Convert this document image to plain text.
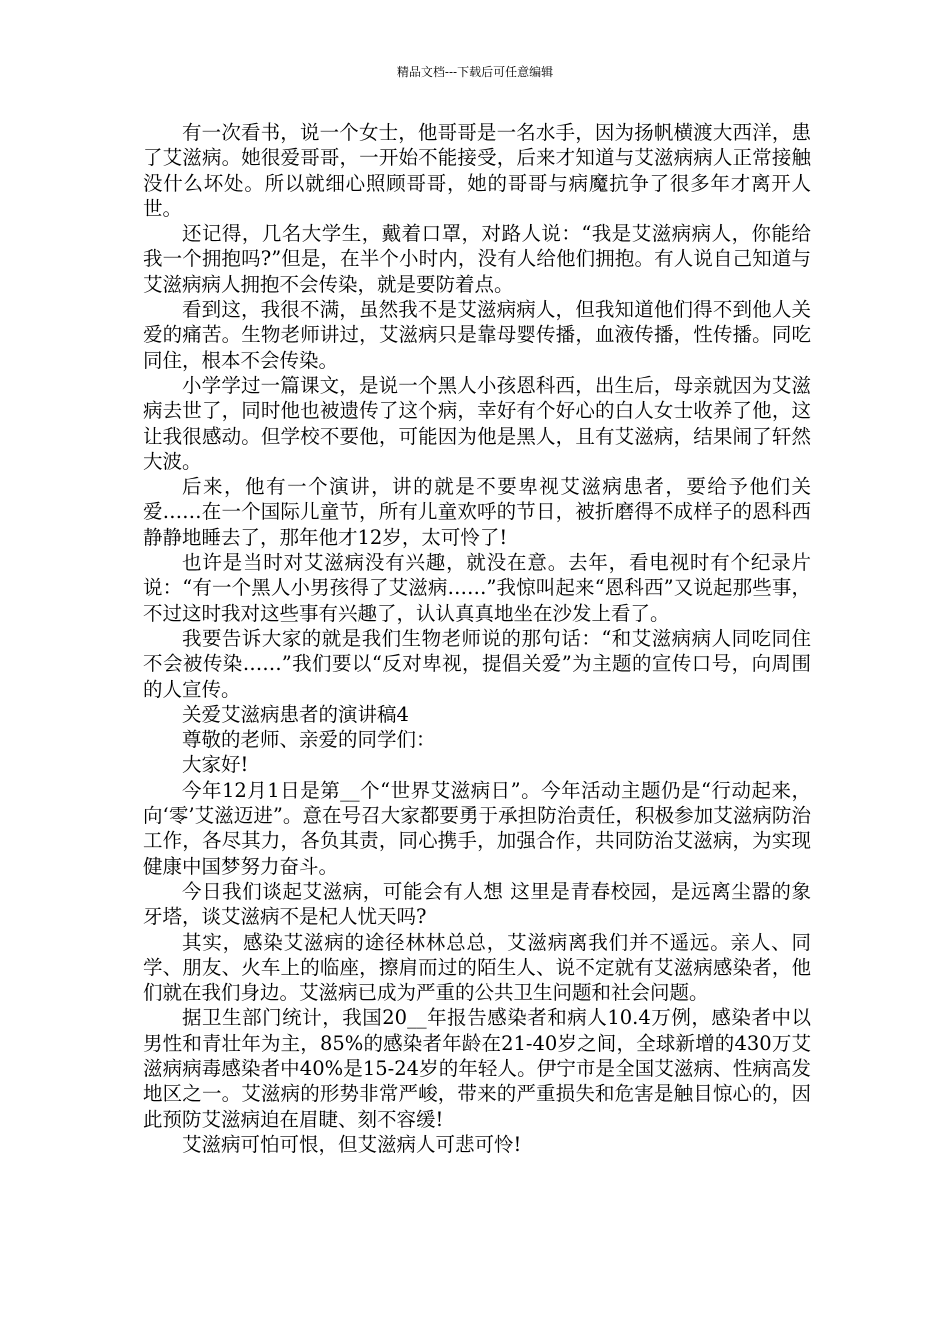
精品文档---下载后可任意编辑

有一次看书，说一个女士，他哥哥是一名水手，因为扬帆横渡大西洋，患了艾滋病。她很爱哥哥，一开始不能接受，后来才知道与艾滋病病人正常接触没什么坏处。所以就细心照顾哥哥，她的哥哥与病魔抗争了很多年才离开人世。

还记得，几名大学生，戴着口罩，对路人说：“我是艾滋病病人，你能给我一个拥抱吗?”但是，在半个小时内，没有人给他们拥抱。有人说自己知道与艾滋病病人拥抱不会传染，就是要防着点。

看到这，我很不满，虽然我不是艾滋病病人，但我知道他们得不到他人关爱的痛苦。生物老师讲过，艾滋病只是靠母婴传播，血液传播，性传播。同吃同住，根本不会传染。

小学学过一篇课文，是说一个黑人小孩恩科西，出生后，母亲就因为艾滋病去世了，同时他也被遗传了这个病，幸好有个好心的白人女士收养了他，这让我很感动。但学校不要他，可能因为他是黑人，且有艾滋病，结果闹了轩然大波。

后来，他有一个演讲，讲的就是不要卑视艾滋病患者，要给予他们关爱……在一个国际儿童节，所有儿童欢呼的节日，被折磨得不成样子的恩科西静静地睡去了，那年他才12岁，太可怜了!

也许是当时对艾滋病没有兴趣，就没在意。去年，看电视时有个纪录片说：“有一个黑人小男孩得了艾滋病……”我惊叫起来“恩科西”又说起那些事，不过这时我对这些事有兴趣了，认认真真地坐在沙发上看了。

我要告诉大家的就是我们生物老师说的那句话：“和艾滋病病人同吃同住不会被传染……”我们要以“反对卑视，提倡关爱”为主题的宣传口号，向周围的人宣传。

关爱艾滋病患者的演讲稿4

尊敬的老师、亲爱的同学们：

大家好!

今年12月1日是第__个“世界艾滋病日”。今年活动主题仍是“行动起来，向‘零’艾滋迈进”。意在号召大家都要勇于承担防治责任，积极参加艾滋病防治工作，各尽其力，各负其责，同心携手，加强合作，共同防治艾滋病，为实现健康中国梦努力奋斗。

今日我们谈起艾滋病，可能会有人想 这里是青春校园，是远离尘嚣的象牙塔，谈艾滋病不是杞人忧天吗?

其实，感染艾滋病的途径林林总总，艾滋病离我们并不遥远。亲人、同学、朋友、火车上的临座，擦肩而过的陌生人、说不定就有艾滋病感染者，他们就在我们身边。艾滋病已成为严重的公共卫生问题和社会问题。

据卫生部门统计，我国20__年报告感染者和病人10.4万例，感染者中以男性和青壮年为主，85%的感染者年龄在21-40岁之间，全球新增的430万艾滋病病毒感染者中40%是15-24岁的年轻人。伊宁市是全国艾滋病、性病高发地区之一。艾滋病的形势非常严峻，带来的严重损失和危害是触目惊心的，因此预防艾滋病迫在眉睫、刻不容缓!

艾滋病可怕可恨，但艾滋病人可悲可怜!
